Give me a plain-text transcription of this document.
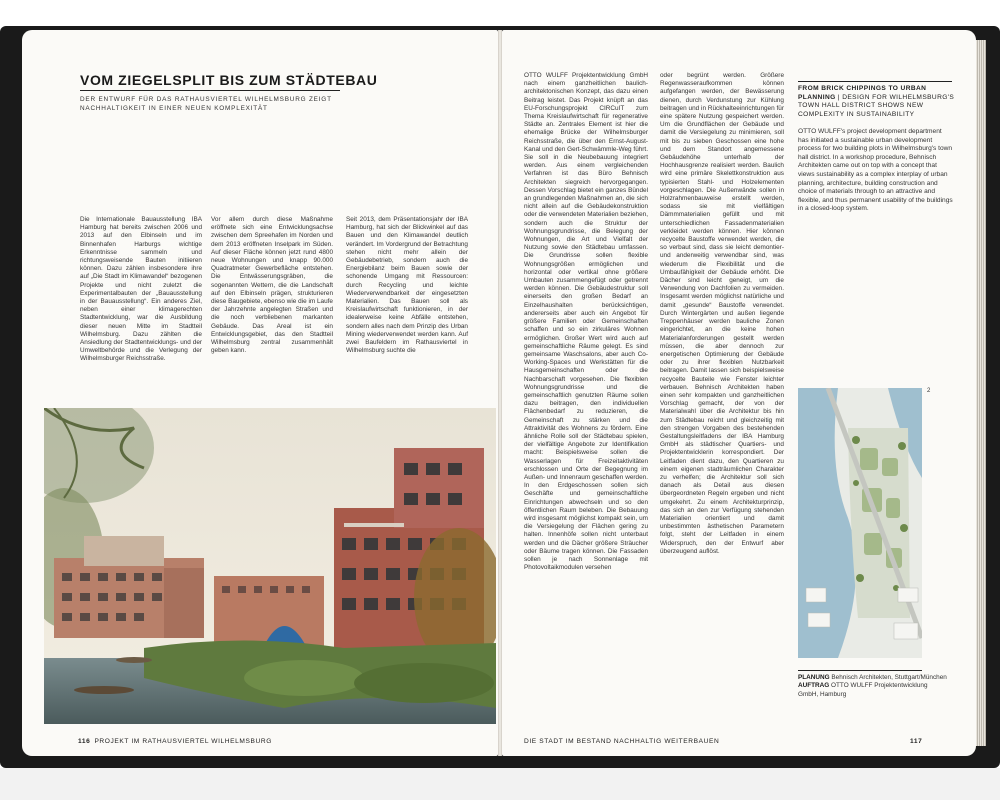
VOM ZIEGELSPLIT BIS ZUM STÄDTEBAU
DER ENTWURF FÜR DAS RATHAUSVIERTEL WILHELMSBURG ZEIGT NACHHALTIGKEIT IN EINER NEUEN KOMPLEXITÄT
Die Internationale Bauausstellung IBA Hamburg hat bereits zwischen 2006 und 2013 auf den Elbinseln und im Binnenhafen Harburgs wichtige Erkenntnisse sammeln und richtungsweisende Bauten initiieren können. Dazu zählen insbesondere ihre auf „Die Stadt im Klimawandel“ bezogenen Projekte und nicht zuletzt die Experimentalbauten der „Bauausstellung in der Bauausstellung“. Ein anderes Ziel, neben einer klimagerechten Stadtentwicklung, war die Ausbildung dieser neuen Mitte im Stadtteil Wilhelmsburg. Dazu zählten die Ansiedlung der Stadtentwicklungs- und der Umweltbehörde und die Verlegung der Wilhelmsburger Reichsstraße.
Vor allem durch diese Maßnahme eröffnete sich eine Entwicklungsachse zwischen dem Spreehafen im Norden und dem 2013 eröffneten Inselpark im Süden. Auf dieser Fläche können jetzt rund 4800 neue Wohnungen und knapp 90.000 Quadratmeter Gewerbefläche entstehen. Die Entwässerungsgräben, die sogenannten Wettern, die die Landschaft auf den Elbinseln prägen, strukturieren diese Baugebiete, ebenso wie die im Laufe der Jahrzehnte angelegten Straßen und die noch verbliebenen markanten Gebäude. Das Areal ist ein Entwicklungsgebiet, das den Stadtteil Wilhelmsburg zentral zusammenhält geben kann.
Seit 2013, dem Präsentationsjahr der IBA Hamburg, hat sich der Blickwinkel auf das Bauen und den Klimawandel deutlich verändert. Im Vordergrund der Betrachtung stehen nicht mehr allein der Gebäudebetrieb, sondern auch die Energiebilanz beim Bauen sowie der schonende Umgang mit Ressourcen: durch Recycling und leichte Wiederverwendbarkeit der eingesetzten Materialien. Das Bauen soll als Kreislaufwirtschaft funktionieren, in der idealerweise keine Abfälle entstehen, sondern alles nach dem Prinzip des Urban Mining wiederverwendet werden kann. Auf zwei Baufeldern im Rathausviertel in Wilhelmsburg suchte die
116 PROJEKT IM RATHAUSVIERTEL WILHELMSBURG
OTTO WULFF Projektentwicklung GmbH nach einem ganzheitlichen baulich-architektonischen Konzept, das dazu einen Beitrag leistet. Das Projekt knüpft an das EU-Forschungsprojekt CIRCuIT zum Thema Kreislaufwirtschaft für regenerative Städte an. Zentrales Element ist hier die ehemalige Brücke der Wilhelmsburger Reichsstraße, die über den Ernst-August-Kanal und den Gert-Schwämmle-Weg führt. Sie soll in die Neubebauung integriert werden. Aus einem vergleichenden Verfahren ist das Büro Behnisch Architekten siegreich hervorgegangen. Dessen Vorschlag bietet ein ganzes Bündel an grundlegenden Maßnahmen an, die sich nicht allein auf die Gebäudekonstruktion oder die verwendeten Materialien beziehen, sondern auch die Struktur der Wohnungsgrundrisse, die Belegung der Wohnungen, die Art und Vielfalt der Nutzung sowie den Städtebau umfassen. Die Grundrisse sollen flexible Wohnungsgrößen ermöglichen und horizontal oder vertikal ohne größere Umbauten zusammengefügt oder getrennt werden können. Die Gebäudestruktur soll einerseits den großen Bedarf an Einzelhaushalten berücksichtigen, andererseits aber auch ein Angebot für größere Familien oder Gemeinschaften schaffen und so ein zirkuläres Wohnen ermöglichen. Großer Wert wird auch auf gemeinschaftliche Räume gelegt. Es sind gemeinsame Waschsalons, aber auch Co-Working-Spaces und Werkstätten für die Hausgemeinschaften oder die Nachbarschaft vorgesehen. Die flexiblen Wohnungsgrundrisse und die gemeinschaftlich genutzten Räume sollen dazu beitragen, den individuellen Flächenbedarf zu reduzieren, die Gemeinschaft zu stärken und die Attraktivität des Wohnens zu fördern. Eine ähnliche Rolle soll der Städtebau spielen, der vielfältige Angebote zur Identifikation macht: Beispielsweise sollen die Wasserlagen für Freizeitaktivitäten erschlossen und Orte der Begegnung im Außen- und Innenraum geschaffen werden. In den Erdgeschossen sollen sich Geschäfte und gemeinschaftliche Einrichtungen abwechseln und so den öffentlichen Raum beleben. Die Bebauung wird insgesamt möglichst kompakt sein, um die Versiegelung der Flächen gering zu halten. Innenhöfe sollen nicht unterbaut werden und die Dächer größere Sträucher oder Bäume tragen können. Die Fassaden sollen je nach Sonnenlage mit Photovoltaikmodulen versehen
oder begrünt werden. Größere Regenwasseraufkommen können aufgefangen werden, der Bewässerung dienen, durch Verdunstung zur Kühlung beitragen und in Rückhalteeinrichtungen für eine spätere Nutzung gespeichert werden. Um die Grundflächen der Gebäude und damit die Versiegelung zu minimieren, soll mit bis zu sieben Geschossen eine hohe und dem Standort angemessene Gebäudehöhe unterhalb der Hochhausgrenze realisiert werden. Baulich wird eine primäre Skelettkonstruktion aus typisierten Stahl- und Holzelementen vorgeschlagen. Die Außenwände sollen in Holzrahmenbauweise erstellt werden, sodass sie mit vielfältigen Dämmmaterialien gefüllt und mit unterschiedlichen Fassadenmaterialien verkleidet werden können. Hier können recycelte Baustoffe verwendet werden, die so verbaut sind, dass sie leicht demontier- und anderweitig verwendbar sind, was wiederum die Flexibilität und die Umbaufähigkeit der Gebäude erhöht. Die Dächer sind leicht geneigt, um die Verwendung von Dachfolien zu vermeiden. Insgesamt werden möglichst natürliche und damit „gesunde“ Baustoffe verwendet. Durch Wintergärten und außen liegende Treppenhäuser werden bauliche Zonen eingerichtet, an die keine hohen Materialanforderungen gestellt werden müssen, die aber dennoch zur energetischen Optimierung der Gebäude oder zu ihrer flexiblen Nutzbarkeit beitragen. Damit lassen sich beispielsweise recycelte Bauteile wie Fenster leichter verbauen. Behnisch Architekten haben einen sehr kompakten und ganzheitlichen Vorschlag gemacht, der von der Materialwahl über die Architektur bis hin zum Städtebau reicht und gleichzeitig mit den strengen Vorgaben des bestehenden Gestaltungsleitfadens der IBA Hamburg GmbH als städtischer Quartiers- und Projektentwicklerin korrespondiert. Der Leitfaden dient dazu, den Quartieren zu einem eigenen stadträumlichen Charakter zu verhelfen; die Architektur soll sich danach als Detail aus diesen übergeordneten Regeln ergeben und nicht umgekehrt. Zu einem Architekturprinzip, das sich an den zur Verfügung stehenden Materialien orientiert und damit unbestimmten ästhetischen Parametern folgt, steht der Leitfaden in einem Widerspruch, den der Entwurf aber überzeugend auflöst.
FROM BRICK CHIPPINGS TO URBAN PLANNING | DESIGN FOR WILHELMSBURG'S TOWN HALL DISTRICT SHOWS NEW COMPLEXITY IN SUSTAINABILITY
OTTO WULFF's project development department has initiated a sustainable urban development process for two building plots in Wilhelmsburg's town hall district. In a workshop procedure, Behnisch Architekten came out on top with a concept that views sustainability as a complex interplay of urban planning, architecture, building construction and choice of materials through to an attractive and flexible, and thus permanent usability of the buildings in a closed-loop system.
2
PLANUNG Behnisch Architekten, Stuttgart/München
AUFTRAG OTTO WULFF Projektentwicklung GmbH, Hamburg
DIE STADT IM BESTAND NACHHALTIG WEITERBAUEN	117
